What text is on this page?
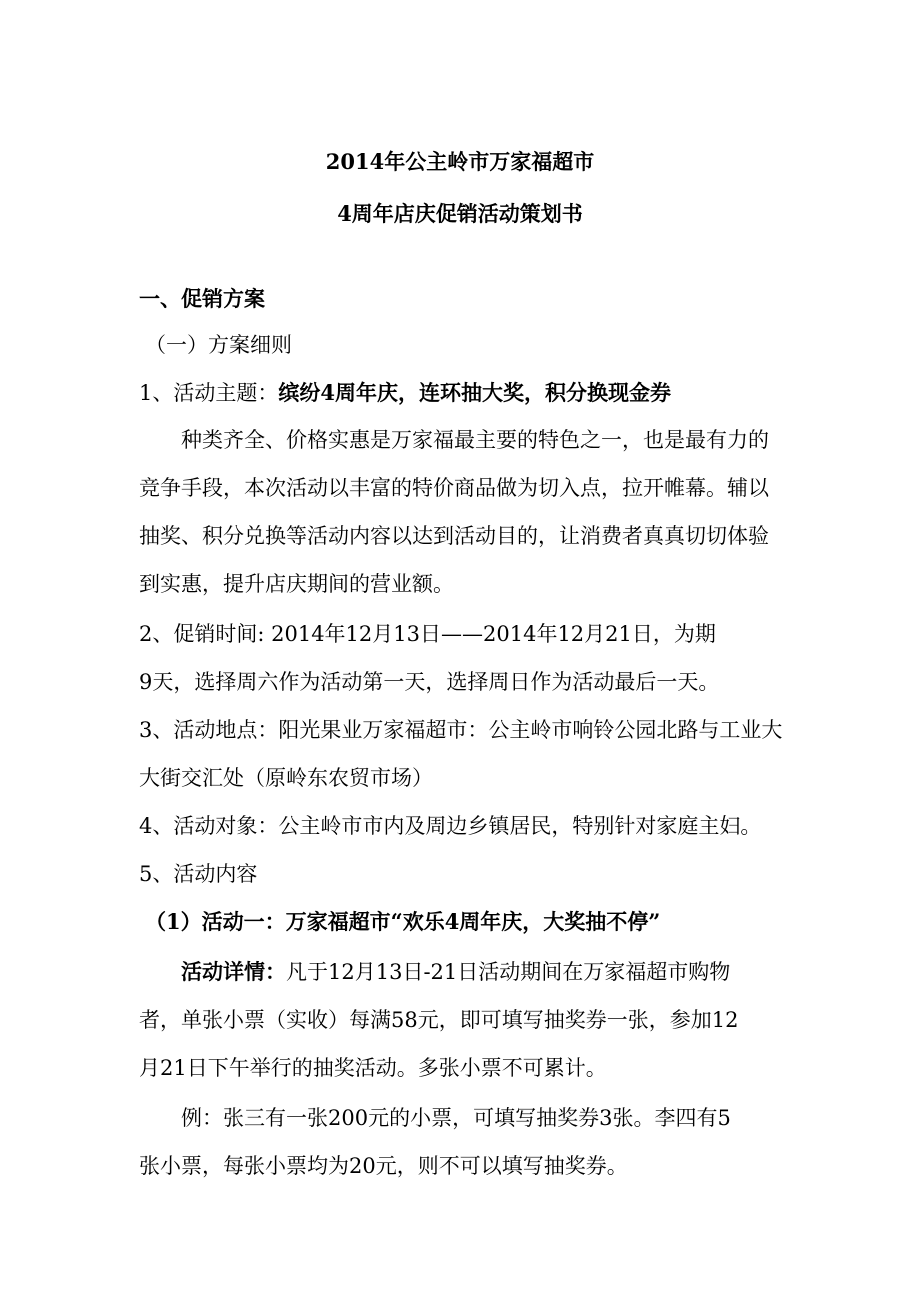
2014年公主岭市万家福超市
4周年店庆促销活动策划书
一、促销方案
（一）方案细则
1、活动主题：缤纷4周年庆，连环抽大奖，积分换现金券
种类齐全、价格实惠是万家福最主要的特色之一，也是最有力的
竞争手段，本次活动以丰富的特价商品做为切入点，拉开帷幕。辅以
抽奖、积分兑换等活动内容以达到活动目的，让消费者真真切切体验
到实惠，提升店庆期间的营业额。
2、促销时间: 2014年12月13日——2014年12月21日，为期
9天，选择周六作为活动第一天，选择周日作为活动最后一天。
3、活动地点：阳光果业万家福超市：公主岭市响铃公园北路与工业大
大街交汇处（原岭东农贸市场）
4、活动对象：公主岭市市内及周边乡镇居民，特别针对家庭主妇。
5、活动内容
（1）活动一：万家福超市“欢乐4周年庆，大奖抽不停”
活动详情：凡于12月13日-21日活动期间在万家福超市购物
者，单张小票（实收）每满58元，即可填写抽奖券一张，参加12
月21日下午举行的抽奖活动。多张小票不可累计。
例：张三有一张200元的小票，可填写抽奖券3张。李四有5
张小票，每张小票均为20元，则不可以填写抽奖券。
